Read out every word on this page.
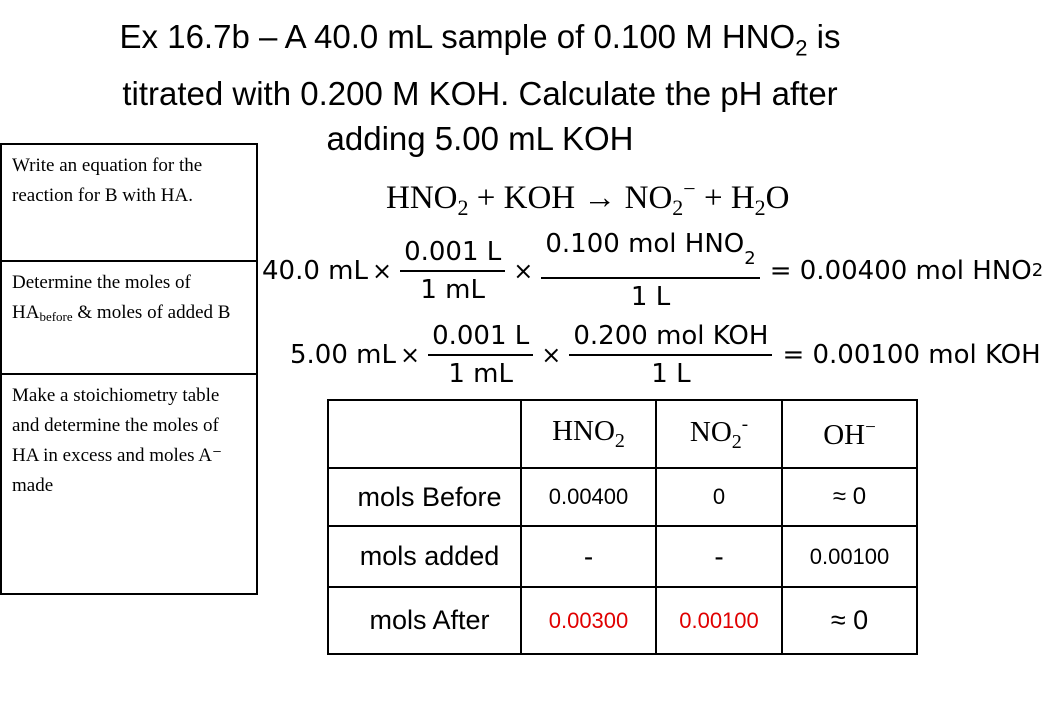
Ex 16.7b – A 40.0 mL sample of 0.100 M $HNO_2$ is
titrated with 0.200 M KOH. Calculate the pH after
adding 5.00 mL KOH
Write an equation for the reaction for B with HA.
Determine the moles of HAbefore & moles of added B
Make a stoichiometry table and determine the moles of HA in excess and moles A⁻ made
$HNO_2$ + KOH → $NO_2^- + H_2O$
40.0 mL × $\frac{0.001 L}{1 mL} \times \frac{0.100 mol HNO_2}{1 L} = 0.00400$ mol HNO 2
5.00 mL × $\frac{0.001 L}{1 mL} \times \frac{\text{0.200 mol KOH}}{1 L} = 0.00100$ mol KOH
	$HNO_2$	$NO_2^-$	OH−
mols Before	0.00400	0	≈ 0
mols added	-	-	0.00100
mols After	0.00300	0.00100	≈ 0
